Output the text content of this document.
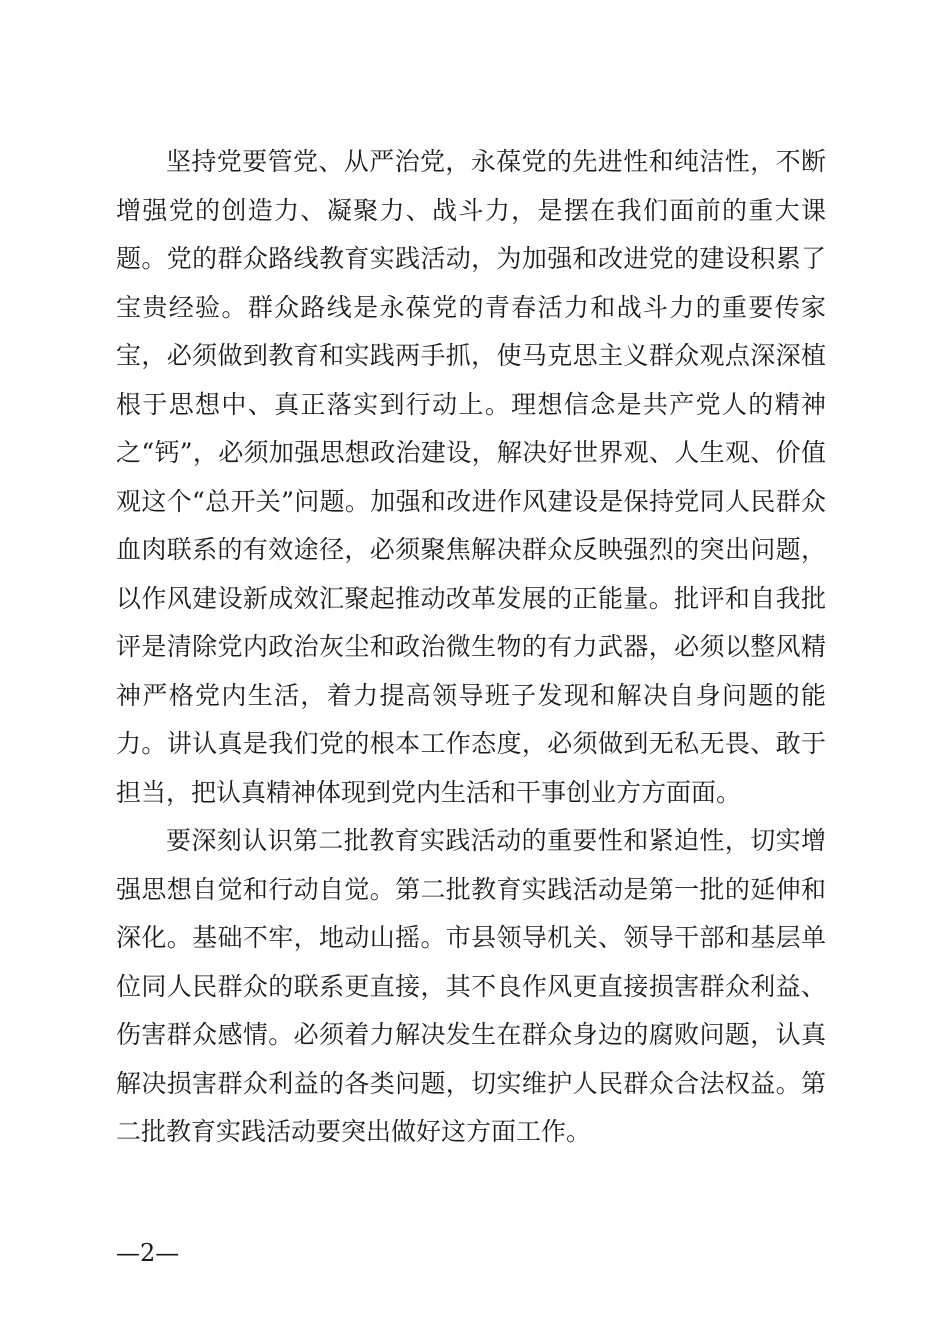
坚持党要管党、从严治党，永葆党的先进性和纯洁性，不断增强党的创造力、凝聚力、战斗力，是摆在我们面前的重大课题。党的群众路线教育实践活动，为加强和改进党的建设积累了宝贵经验。群众路线是永葆党的青春活力和战斗力的重要传家宝，必须做到教育和实践两手抓，使马克思主义群众观点深深植根于思想中、真正落实到行动上。理想信念是共产党人的精神之“钙”，必须加强思想政治建设，解决好世界观、人生观、价值观这个“总开关”问题。加强和改进作风建设是保持党同人民群众血肉联系的有效途径，必须聚焦解决群众反映强烈的突出问题，以作风建设新成效汇聚起推动改革发展的正能量。批评和自我批评是清除党内政治灰尘和政治微生物的有力武器，必须以整风精神严格党内生活，着力提高领导班子发现和解决自身问题的能力。讲认真是我们党的根本工作态度，必须做到无私无畏、敢于担当，把认真精神体现到党内生活和干事创业方方面面。

要深刻认识第二批教育实践活动的重要性和紧迫性，切实增强思想自觉和行动自觉。第二批教育实践活动是第一批的延伸和深化。基础不牢，地动山摇。市县领导机关、领导干部和基层单位同人民群众的联系更直接，其不良作风更直接损害群众利益、伤害群众感情。必须着力解决发生在群众身边的腐败问题，认真解决损害群众利益的各类问题，切实维护人民群众合法权益。第二批教育实践活动要突出做好这方面工作。

—2—
